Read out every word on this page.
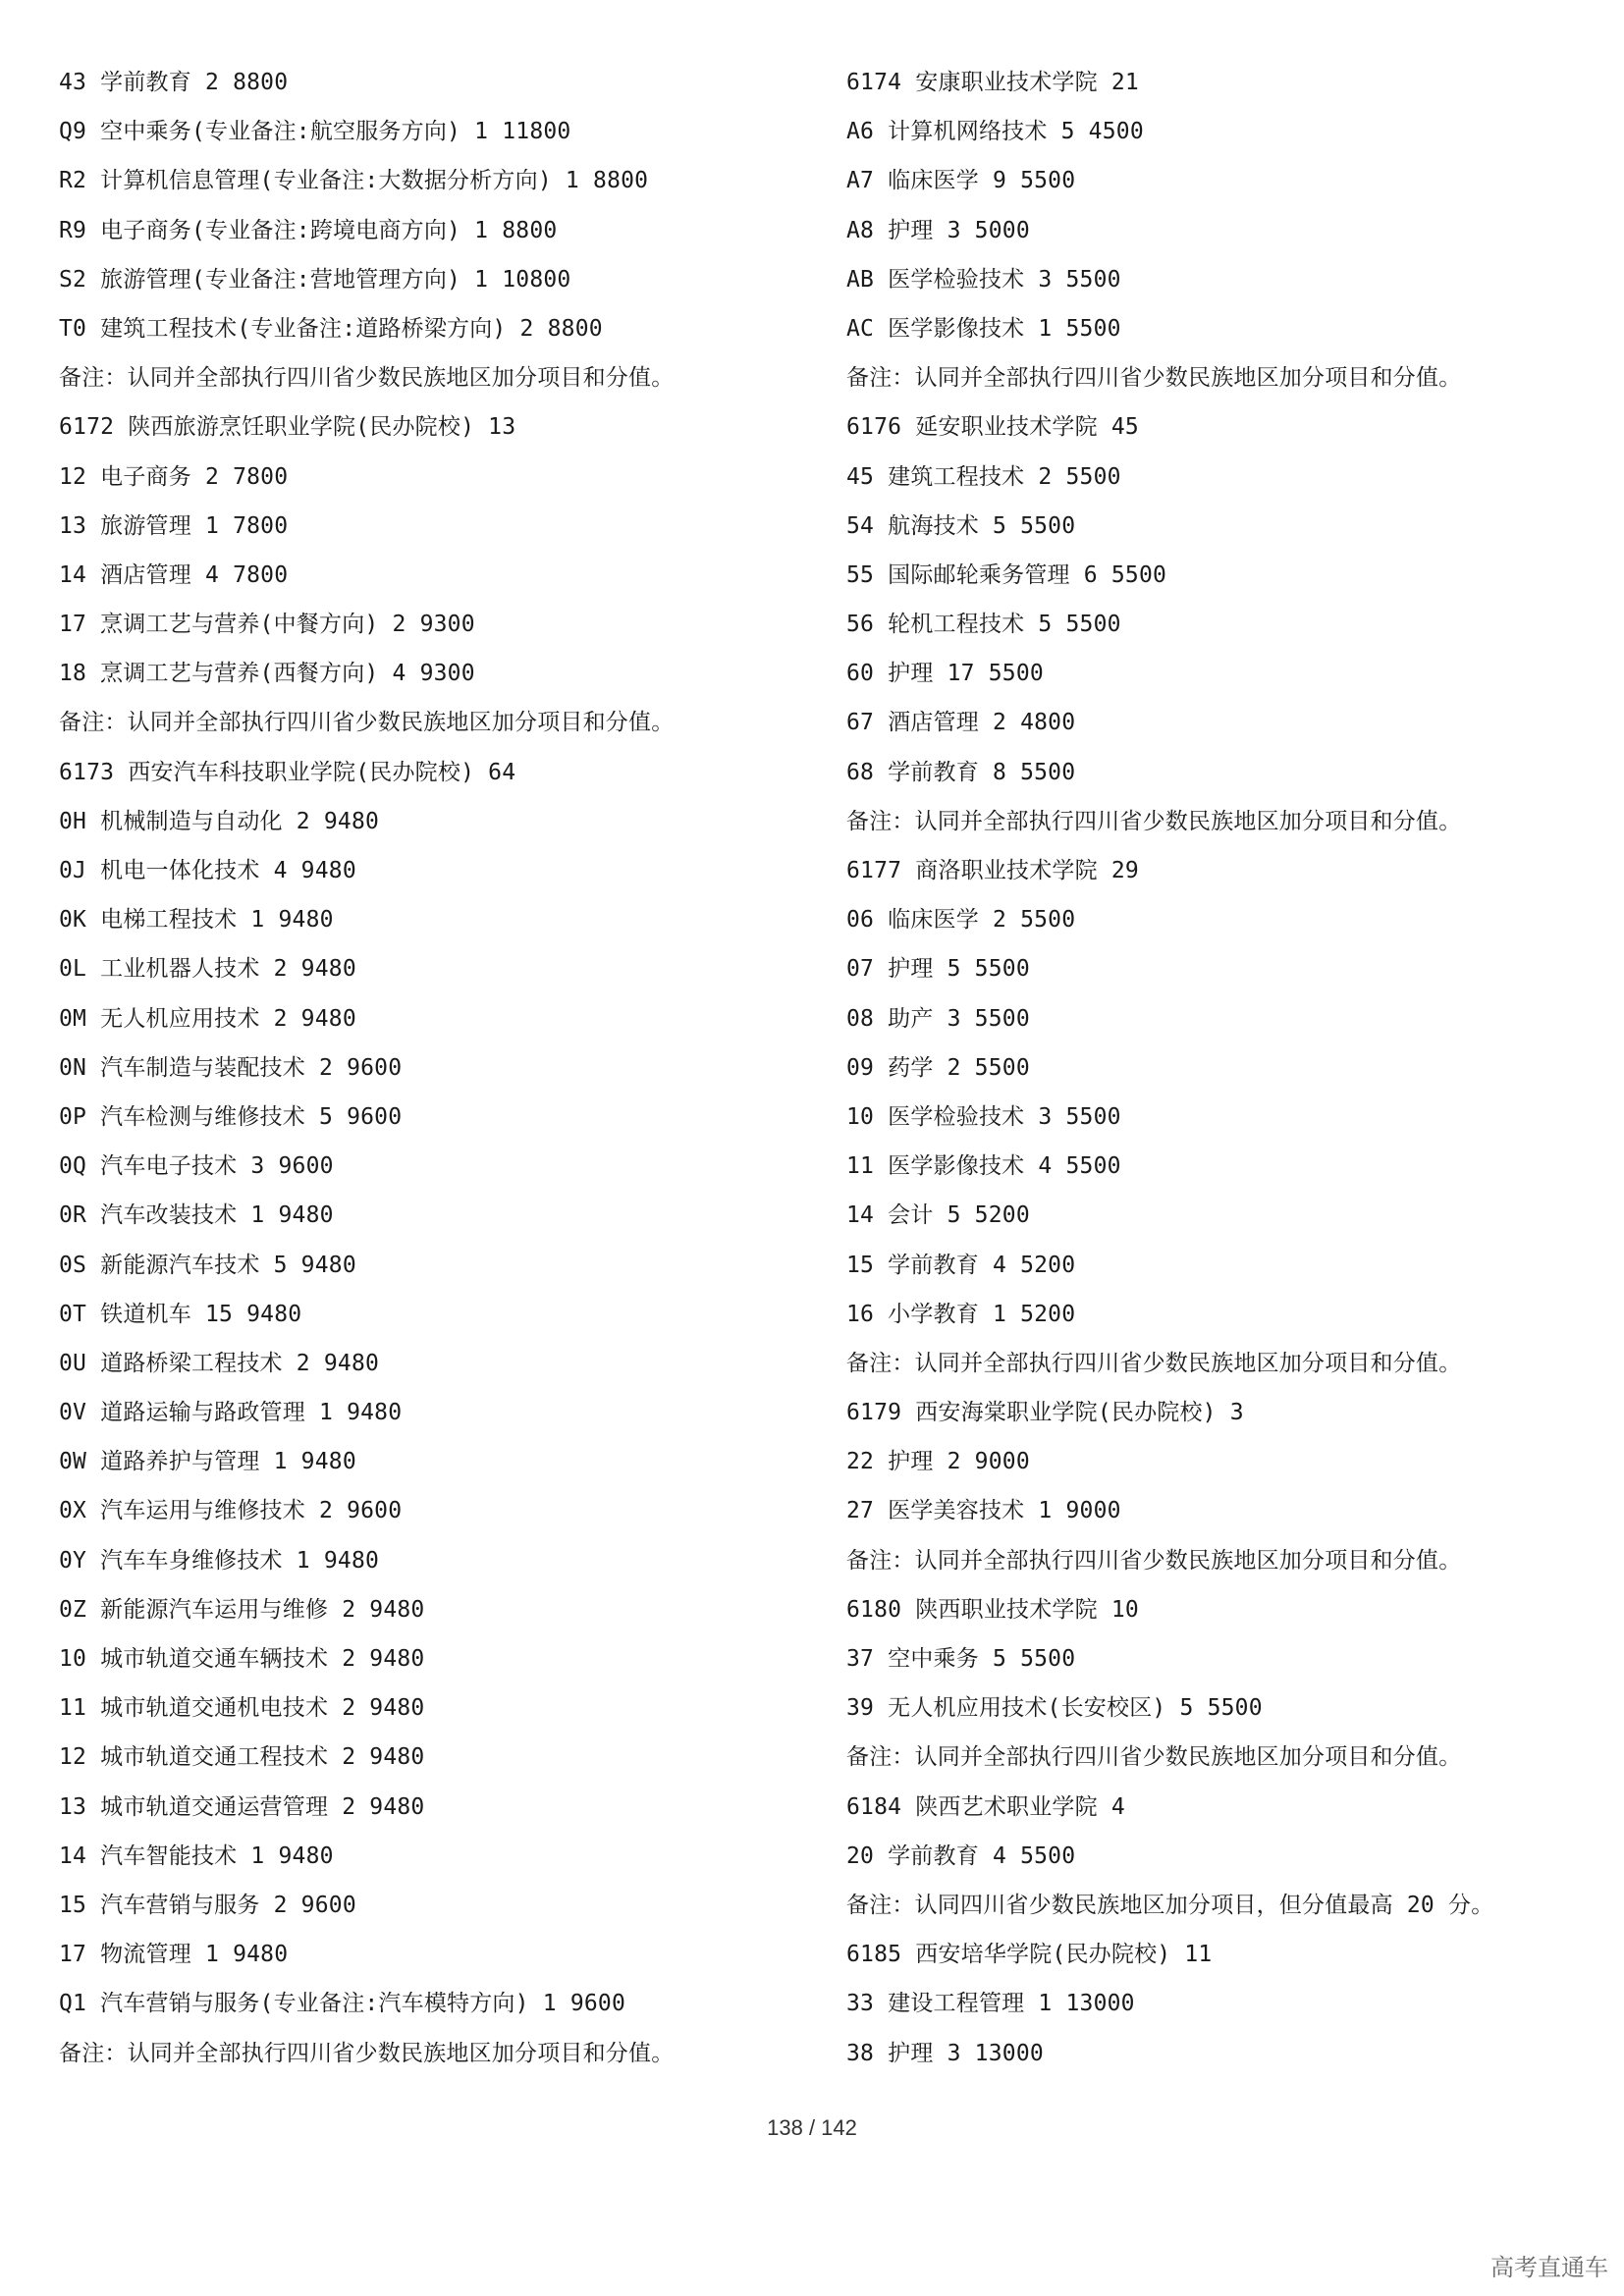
43 学前教育 2 8800
Q9 空中乘务(专业备注:航空服务方向) 1 11800
R2 计算机信息管理(专业备注:大数据分析方向) 1 8800
R9 电子商务(专业备注:跨境电商方向) 1 8800
S2 旅游管理(专业备注:营地管理方向) 1 10800
T0 建筑工程技术(专业备注:道路桥梁方向) 2 8800
备注：认同并全部执行四川省少数民族地区加分项目和分值。
6172 陕西旅游烹饪职业学院(民办院校) 13
12 电子商务 2 7800
13 旅游管理 1 7800
14 酒店管理 4 7800
17 烹调工艺与营养(中餐方向) 2 9300
18 烹调工艺与营养(西餐方向) 4 9300
备注：认同并全部执行四川省少数民族地区加分项目和分值。
6173 西安汽车科技职业学院(民办院校) 64
0H 机械制造与自动化 2 9480
0J 机电一体化技术 4 9480
0K 电梯工程技术 1 9480
0L 工业机器人技术 2 9480
0M 无人机应用技术 2 9480
0N 汽车制造与装配技术 2 9600
0P 汽车检测与维修技术 5 9600
0Q 汽车电子技术 3 9600
0R 汽车改装技术 1 9480
0S 新能源汽车技术 5 9480
0T 铁道机车 15 9480
0U 道路桥梁工程技术 2 9480
0V 道路运输与路政管理 1 9480
0W 道路养护与管理 1 9480
0X 汽车运用与维修技术 2 9600
0Y 汽车车身维修技术 1 9480
0Z 新能源汽车运用与维修 2 9480
10 城市轨道交通车辆技术 2 9480
11 城市轨道交通机电技术 2 9480
12 城市轨道交通工程技术 2 9480
13 城市轨道交通运营管理 2 9480
14 汽车智能技术 1 9480
15 汽车营销与服务 2 9600
17 物流管理 1 9480
Q1 汽车营销与服务(专业备注:汽车模特方向) 1 9600
备注：认同并全部执行四川省少数民族地区加分项目和分值。
6174 安康职业技术学院 21
A6 计算机网络技术 5 4500
A7 临床医学 9 5500
A8 护理 3 5000
AB 医学检验技术 3 5500
AC 医学影像技术 1 5500
备注：认同并全部执行四川省少数民族地区加分项目和分值。
6176 延安职业技术学院 45
45 建筑工程技术 2 5500
54 航海技术 5 5500
55 国际邮轮乘务管理 6 5500
56 轮机工程技术 5 5500
60 护理 17 5500
67 酒店管理 2 4800
68 学前教育 8 5500
备注：认同并全部执行四川省少数民族地区加分项目和分值。
6177 商洛职业技术学院 29
06 临床医学 2 5500
07 护理 5 5500
08 助产 3 5500
09 药学 2 5500
10 医学检验技术 3 5500
11 医学影像技术 4 5500
14 会计 5 5200
15 学前教育 4 5200
16 小学教育 1 5200
备注：认同并全部执行四川省少数民族地区加分项目和分值。
6179 西安海棠职业学院(民办院校) 3
22 护理 2 9000
27 医学美容技术 1 9000
备注：认同并全部执行四川省少数民族地区加分项目和分值。
6180 陕西职业技术学院 10
37 空中乘务 5 5500
39 无人机应用技术(长安校区) 5 5500
备注：认同并全部执行四川省少数民族地区加分项目和分值。
6184 陕西艺术职业学院 4
20 学前教育 4 5500
备注：认同四川省少数民族地区加分项目，但分值最高 20 分。
6185 西安培华学院(民办院校) 11
33 建设工程管理 1 13000
38 护理 3 13000
138 / 142
高考直通车
